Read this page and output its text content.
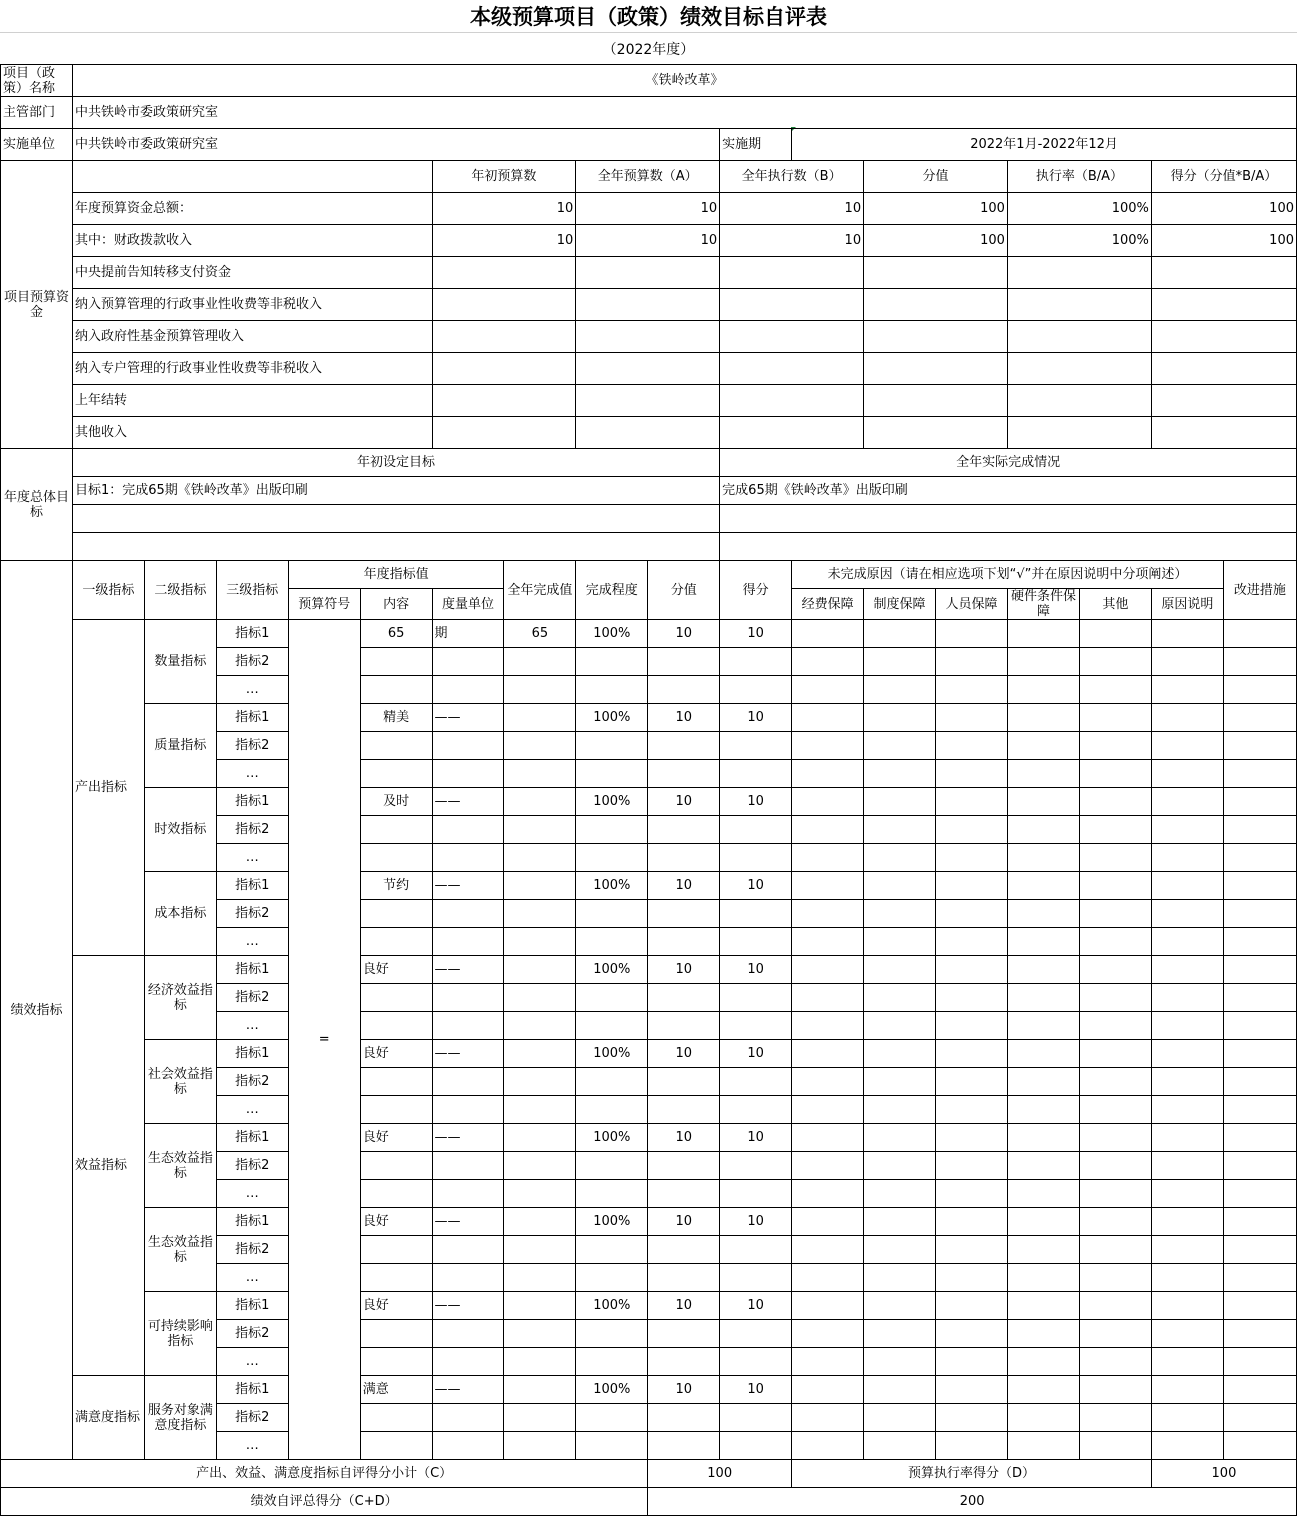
本级预算项目（政策）绩效目标自评表
（2022年度）
项目（政策）名称	《铁岭改革》																
主管部门	中共铁岭市委政策研究室																
实施单位	中共铁岭市委政策研究室									实施期	2022年1月-2022年12月						
项目预算资金						年初预算数		全年预算数（A）		全年执行数（B）		分值		执行率（B/A）		得分（分值*B/A）	
	年度预算资金总额：					10		10		10		100		100%		100	
	其中：财政拨款收入					10		10		10		100		100%		100	
	中央提前告知转移支付资金																
	纳入预算管理的行政事业性收费等非税收入																
	纳入政府性基金预算管理收入																
	纳入专户管理的行政事业性收费等非税收入																
	上年结转																
	其他收入																
年度总体目标	年初设定目标									全年实际完成情况							
	目标1：完成65期《铁岭改革》出版印刷									完成65期《铁岭改革》出版印刷							

绩效指标	一级指标	二级指标	三级指标	年度指标值			全年完成值	完成程度	分值	得分	未完成原因（请在相应选项下划“√”并在原因说明中分项阐述）						改进措施
				预算符号	内容	度量单位					经费保障	制度保障	人员保障	硬件条件保障	其他	原因说明	
	产出指标	数量指标	指标1	=	65	期	65	100%	10	10							
			指标2														
			…														
		质量指标	指标1		精美	——		100%	10	10							
			指标2														
			…														
		时效指标	指标1		及时	——		100%	10	10							
			指标2														
			…														
		成本指标	指标1		节约	——		100%	10	10							
			指标2														
			…														
	效益指标	经济效益指标	指标1		良好	——		100%	10	10							
			指标2														
			…														
		社会效益指标	指标1		良好	——		100%	10	10							
			指标2														
			…														
		生态效益指标	指标1		良好	——		100%	10	10							
			指标2														
			…														
		生态效益指标	指标1		良好	——		100%	10	10							
			指标2														
			…														
		可持续影响指标	指标1		良好	——		100%	10	10							
			指标2														
			…														
	满意度指标	服务对象满意度指标	指标1		满意	——		100%	10	10							
			指标2														
			…														
产出、效益、满意度指标自评得分小计（C）									100		预算执行率得分（D）					100	
绩效自评总得分（C+D）									200								
